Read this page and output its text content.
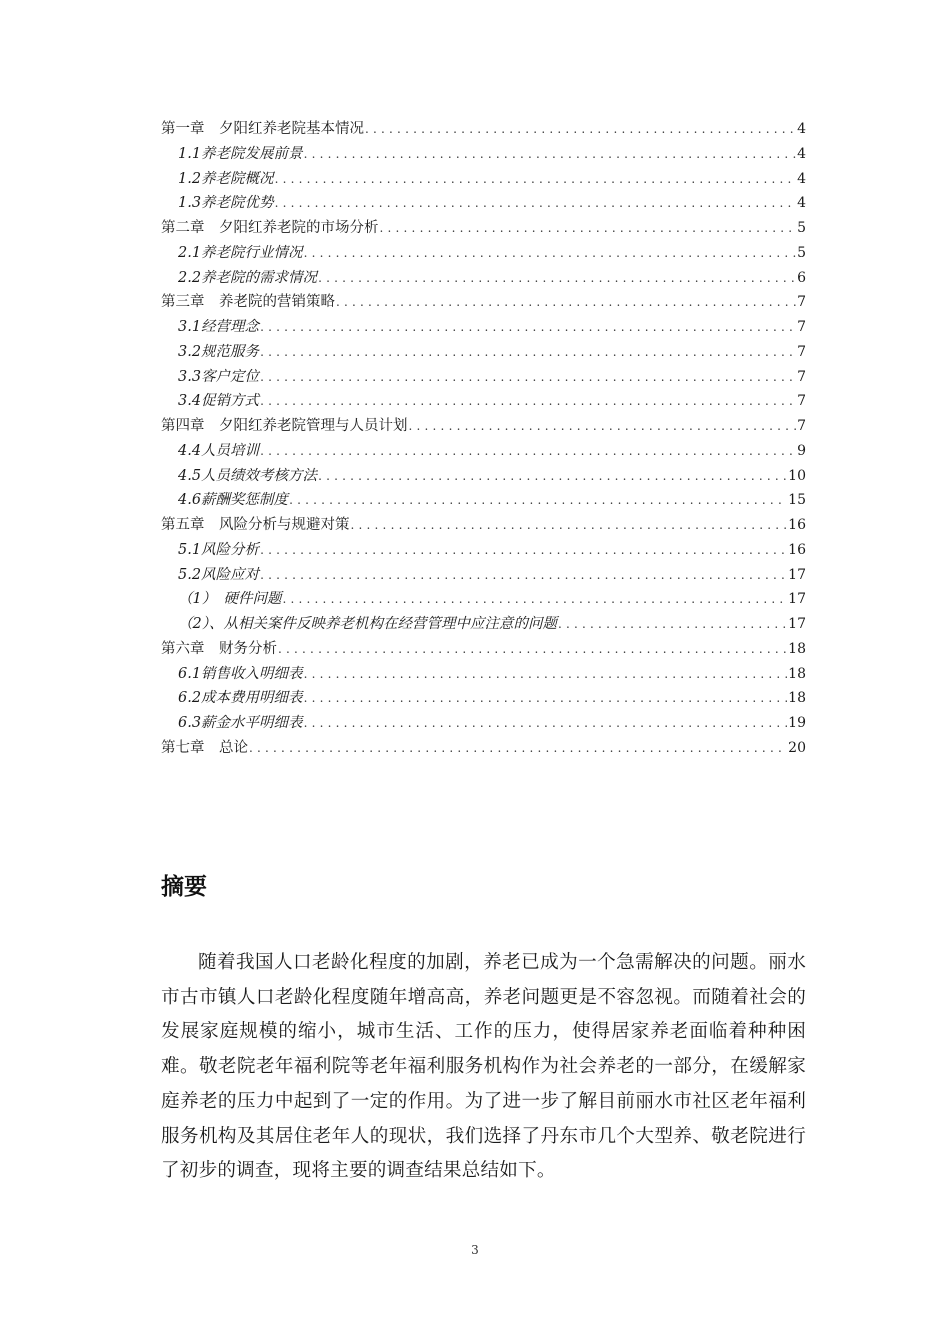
第一章　夕阳红养老院基本情况 .....	4
1.1养老院发展前景 .....	4
1.2养老院概况 .....	4
1.3养老院优势 .....	4
第二章　夕阳红养老院的市场分析 .....	5
2.1养老院行业情况 .....	5
2.2养老院的需求情况 .....	6
第三章　养老院的营销策略 .....	7
3.1经营理念 .....	7
3.2规范服务 .....	7
3.3客户定位 .....	7
3.4促销方式 .....	7
第四章　夕阳红养老院管理与人员计划 .....	7
4.4人员培训 .....	9
4.5人员绩效考核方法 .....	10
4.6薪酬奖惩制度 .....	15
第五章　风险分析与规避对策 .....	16
5.1风险分析 .....	16
5.2风险应对 .....	17
（1）　硬件问题 .....	17
（2）、从相关案件反映养老机构在经营管理中应注意的问题 .....	17
第六章　财务分析 .....	18
6.1销售收入明细表 .....	18
6.2成本费用明细表 .....	18
6.3薪金水平明细表 .....	19
第七章　总论 .....	20
摘要

随着我国人口老龄化程度的加剧，养老已成为一个急需解决的问题。丽水市古市镇人口老龄化程度随年增高高，养老问题更是不容忽视。而随着社会的发展家庭规模的缩小，城市生活、工作的压力，使得居家养老面临着种种困难。敬老院老年福利院等老年福利服务机构作为社会养老的一部分，在缓解家庭养老的压力中起到了一定的作用。为了进一步了解目前丽水市社区老年福利服务机构及其居住老年人的现状，我们选择了丹东市几个大型养、敬老院进行了初步的调查，现将主要的调查结果总结如下。

3
